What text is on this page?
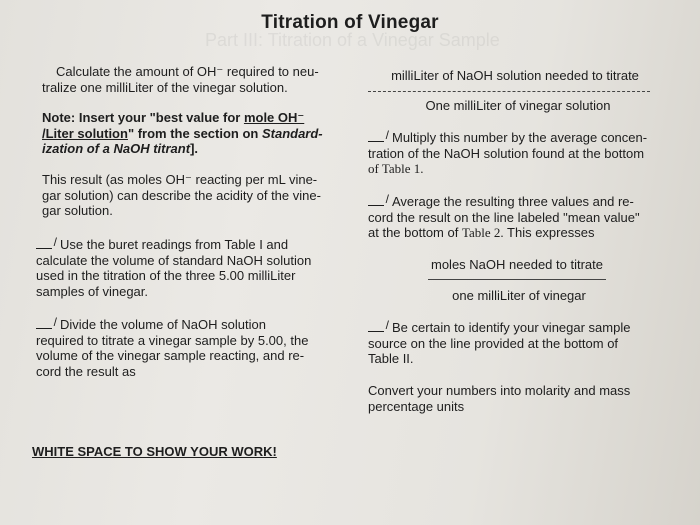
Part III: Titration of a Vinegar Sample
Titration of Vinegar

Calculate the amount of OH⁻ required to neu-
tralize one milliLiter of the vinegar solution.

Note: Insert your "best value for mole OH⁻
/Liter solution" from the section on Standard-
ization of a NaOH titrant].

This result (as moles OH⁻ reacting per mL vine-
gar solution) can describe the acidity of the vine-
gar solution.

/Use the buret readings from Table I and
calculate the volume of standard NaOH solution
used in the titration of the three 5.00 milliLiter
samples of vinegar.

/Divide the volume of NaOH solution
required to titrate a vinegar sample by 5.00, the
volume of the vinegar sample reacting, and re-
cord the result as

WHITE SPACE TO SHOW YOUR WORK!
milliLiter of NaOH solution needed to titrate
One milliLiter of vinegar solution

/Multiply this number by the average concen-
tration of the NaOH solution found at the bottom
of Table 1.

/Average the resulting three values and re-
cord the result on the line labeled "mean value"
at the bottom of Table 2. This expresses

moles NaOH needed to titrate
one milliLiter of vinegar

/Be certain to identify your vinegar sample
source on the line provided at the bottom of
Table II.

Convert your numbers into molarity and mass
percentage units
